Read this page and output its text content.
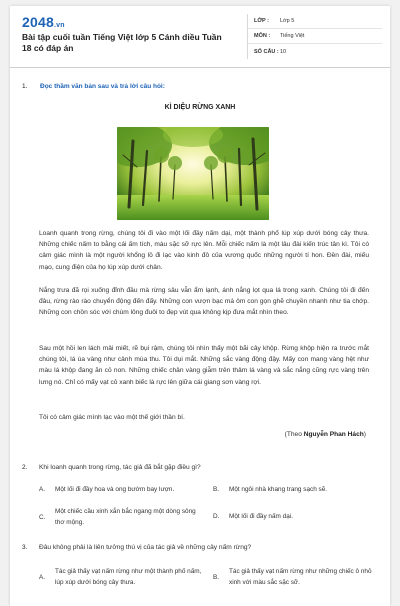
2048.vn
Bài tập cuối tuần Tiếng Việt lớp 5 Cánh diều Tuần 18 có đáp án
LỚP :	Lớp 5
MÔN :	Tiếng Việt
SỐ CÂU : 10
1. Đọc thầm văn bản sau và trả lời câu hỏi:
KÌ DIỆU RỪNG XANH

Loanh quanh trong rừng, chúng tôi đi vào một lối đầy nấm dại, một thành phố lúp xúp dưới bóng cây thưa. Những chiếc nấm to bằng cái ấm tích, màu sặc sỡ rực lên. Mỗi chiếc nấm là một lâu đài kiến trúc tân kì. Tôi có cảm giác mình là một người khổng lồ đi lạc vào kinh đô của vương quốc những người tí hon. Đền đài, miếu mạo, cung điện của họ lúp xúp dưới chân.

Nắng trưa đã rọi xuống đỉnh đầu mà rừng sâu vẫn ẩm lạnh, ánh nắng lọt qua lá trong xanh. Chúng tôi đi đến đâu, rừng rào rào chuyển động đến đấy. Những con vượn bạc má ôm con gọn ghẽ chuyền nhanh như tia chớp. Những con chồn sóc với chùm lông đuôi to đẹp vút qua không kịp đưa mắt nhìn theo.

Sau một hồi len lách mải miết, rẽ bụi rậm, chúng tôi nhìn thấy một bãi cây khộp. Rừng khộp hiện ra trước mắt chúng tôi, lá úa vàng như cảnh mùa thu. Tôi dụi mắt. Những sắc vàng động đậy. Mấy con mang vàng hệt như màu lá khộp đang ăn cỏ non. Những chiếc chân vàng giẫm trên thảm lá vàng và sắc nắng cũng rực vàng trên lưng nó. Chỉ có mấy vạt cỏ xanh biếc là rực lên giữa cái giang sơn vàng rợi.

Tôi có cảm giác mình lạc vào một thế giới thần bí.

(Theo Nguyễn Phan Hách)
2. Khi loanh quanh trong rừng, tác giả đã bắt gặp điều gì?
A.	Một lối đi đầy hoa và ong bướm bay lượn.	B.	Một ngôi nhà khang trang sạch sẽ.
C.
Một chiếc cầu xinh xắn bắc ngang một dòng sông thơ mộng.
D.	Một lối đi đầy nấm dại.
3. Đâu không phải là liên tưởng thú vị của tác giả về những cây nấm rừng?
A.
Tác giả thấy vạt nấm rừng như một thành phố nấm, lúp xúp dưới bóng cây thưa.
B.
Tác giả thấy vạt nấm rừng như những chiếc ô nhỏ xinh với màu sắc sặc sỡ.
